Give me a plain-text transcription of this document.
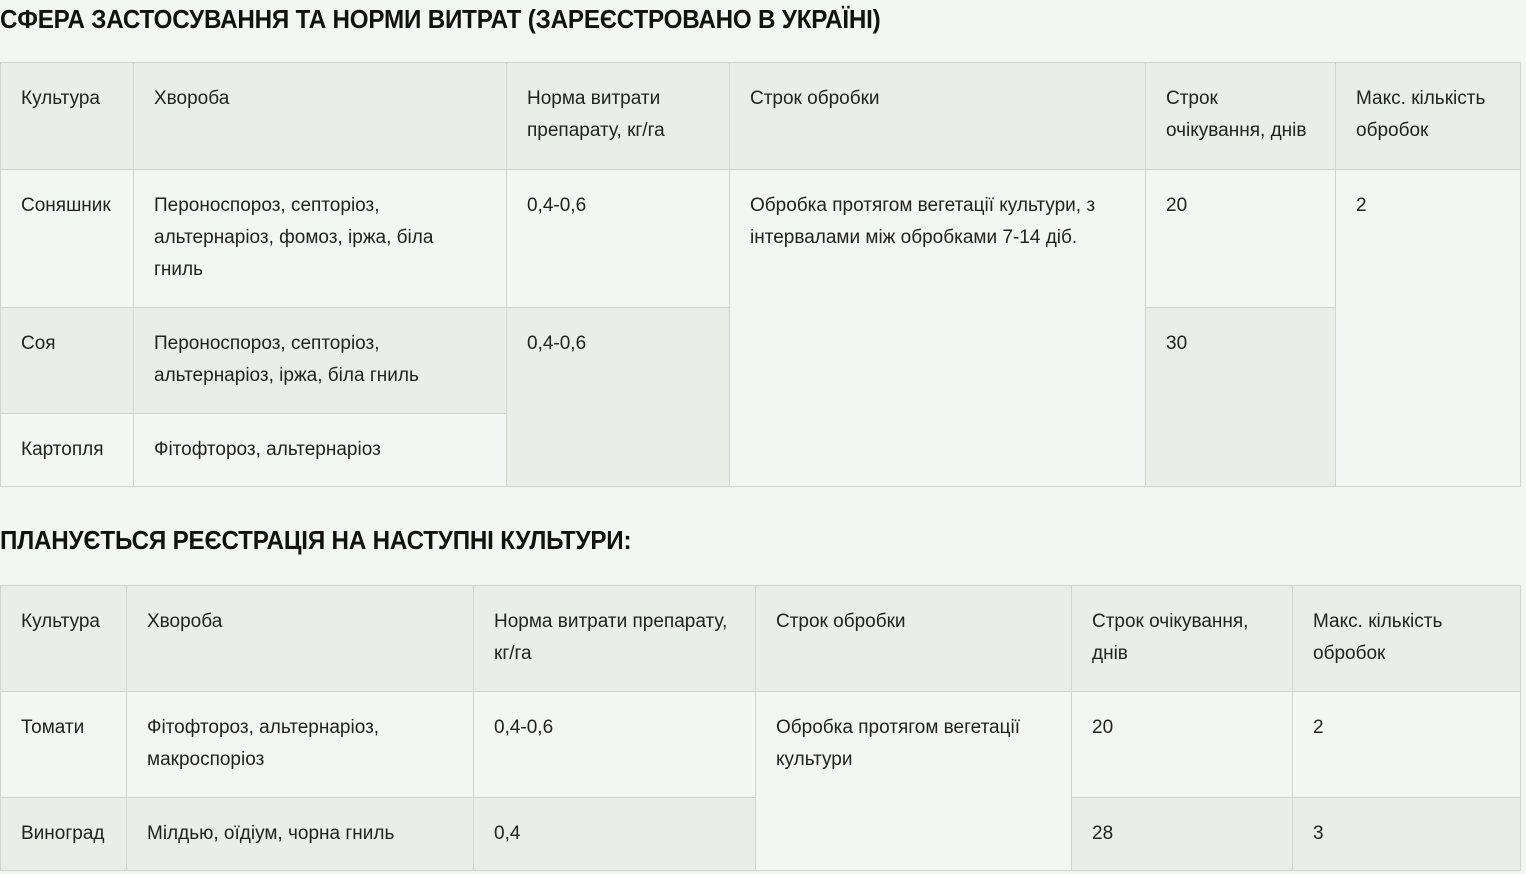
СФЕРА ЗАСТОСУВАННЯ ТА НОРМИ ВИТРАТ (ЗАРЕЄСТРОВАНО В УКРАЇНІ)
Культура	Хвороба	Норма витрати препарату, кг/га	Строк обробки	Строк очікування, днів	Макс. кількість обробок
Соняшник	Пероноспороз, септоріоз, альтернаріоз, фомоз, іржа, біла гниль	0,4-0,6	Обробка протягом вегетації культури, з інтервалами між обробками 7-14 діб.	20	2
Соя	Пероноспороз, септоріоз, альтернаріоз, іржа, біла гниль	0,4-0,6		30	
Картопля	Фітофтороз, альтернаріоз				
ПЛАНУЄТЬСЯ РЕЄСТРАЦІЯ НА НАСТУПНІ КУЛЬТУРИ:
Культура	Хвороба	Норма витрати препарату, кг/га	Строк обробки	Строк очікування, днів	Макс. кількість обробок
Томати	Фітофтороз, альтернаріоз, макроспоріоз	0,4-0,6	Обробка протягом вегетації культури	20	2
Виноград	Мілдью, оїдіум, чорна гниль	0,4		28	3
